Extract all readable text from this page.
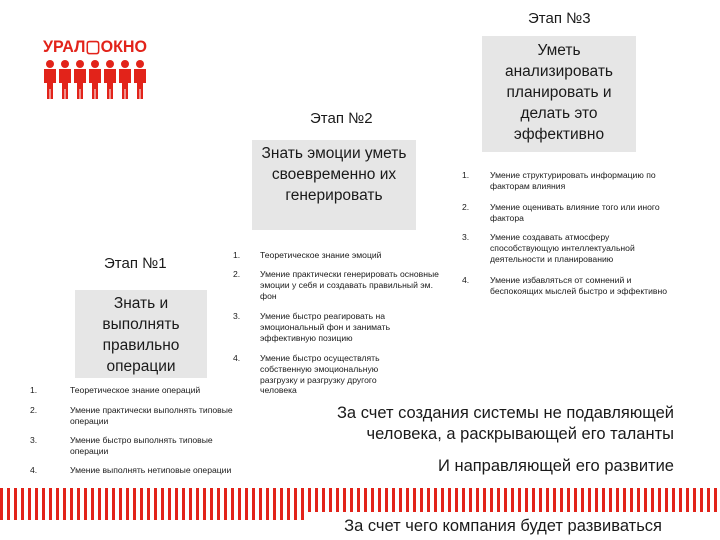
УРАЛ▢ОКНО
Этап №3
Уметь анализировать планировать и делать это эффективно
1. Умение структурировать информацию по факторам влияния
2. Умение оценивать влияние того или иного фактора
3. Умение создавать атмосферу способствующую интеллектуальной деятельности и планированию
4. Умение избавляться от сомнений и беспокоящих мыслей быстро и эффективно
Этап №2
Знать эмоции уметь своевременно их генерировать
1. Теоретическое знание эмоций
2. Умение практически генерировать основные эмоции у себя и создавать правильный эм. фон
3. Умение быстро реагировать на эмоциональный фон и занимать эффективную позицию
4. Умение быстро осуществлять собственную эмоциональную разгрузку и разгрузку другого человека
Этап №1
Знать и выполнять правильно операции
1.	Теоретическое знание операций
2.	Умение практически выполнять типовые операции
3.	Умение быстро выполнять типовые операции
4.	Умение выполнять нетиповые операции
За счет создания системы не подавляющей человека, а раскрывающей его таланты
И направляющей его развитие
За счет чего компания будет развиваться
